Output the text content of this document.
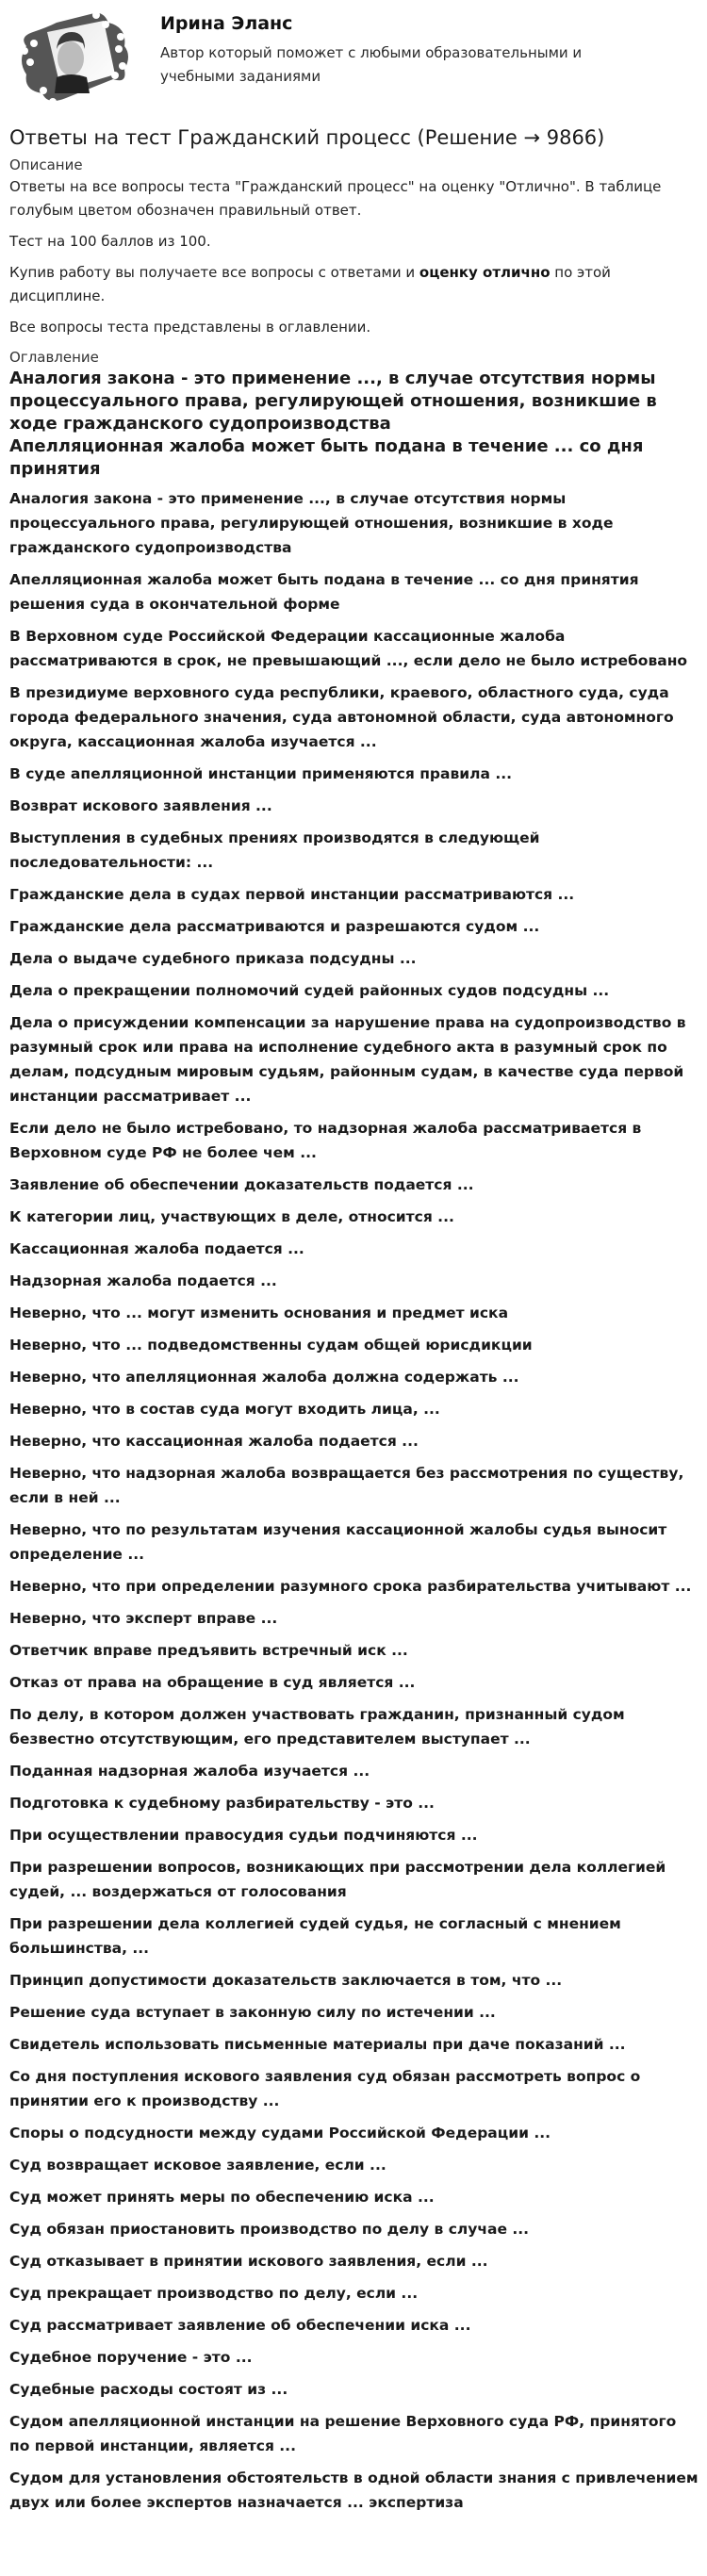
Ирина Эланс
Автор который поможет с любыми образовательными и учебными заданиями
Ответы на тест Гражданский процесс (Решение → 9866)

Описание

Ответы на все вопросы теста "Гражданский процесс" на оценку "Отлично". В таблице голубым цветом обозначен правильный ответ.

Тест на 100 баллов из 100.

Купив работу вы получаете все вопросы с ответами и оценку отлично по этой дисциплине.

Все вопросы теста представлены в оглавлении.

Оглавление

Аналогия закона - это применение ..., в случае отсутствия нормы процессуального права, регулирующей отношения, возникшие в ходе гражданского судопроизводства
Апелляционная жалоба может быть подана в течение ... со дня принятия
Аналогия закона - это применение ..., в случае отсутствия нормы процессуального права, регулирующей отношения, возникшие в ходе гражданского судопроизводства
Апелляционная жалоба может быть подана в течение ... со дня принятия решения суда в окончательной форме
В Верховном суде Российской Федерации кассационные жалоба рассматриваются в срок, не превышающий ..., если дело не было истребовано
В президиуме верховного суда республики, краевого, областного суда, суда города федерального значения, суда автономной области, суда автономного округа, кассационная жалоба изучается ...
В суде апелляционной инстанции применяются правила ...
Возврат искового заявления ...
Выступления в судебных прениях производятся в следующей последовательности: ...
Гражданские дела в судах первой инстанции рассматриваются ...
Гражданские дела рассматриваются и разрешаются судом ...
Дела о выдаче судебного приказа подсудны ...
Дела о прекращении полномочий судей районных судов подсудны ...
Дела о присуждении компенсации за нарушение права на судопроизводство в разумный срок или права на исполнение судебного акта в разумный срок по делам, подсудным мировым судьям, районным судам, в качестве суда первой инстанции рассматривает ...
Если дело не было истребовано, то надзорная жалоба рассматривается в Верховном суде РФ не более чем ...
Заявление об обеспечении доказательств подается ...
К категории лиц, участвующих в деле, относится ...
Кассационная жалоба подается ...
Надзорная жалоба подается ...
Неверно, что ... могут изменить основания и предмет иска
Неверно, что ... подведомственны судам общей юрисдикции
Неверно, что апелляционная жалоба должна содержать ...
Неверно, что в состав суда могут входить лица, ...
Неверно, что кассационная жалоба подается ...
Неверно, что надзорная жалоба возвращается без рассмотрения по существу, если в ней ...
Неверно, что по результатам изучения кассационной жалобы судья выносит определение ...
Неверно, что при определении разумного срока разбирательства учитывают ...
Неверно, что эксперт вправе ...
Ответчик вправе предъявить встречный иск ...
Отказ от права на обращение в суд является ...
По делу, в котором должен участвовать гражданин, признанный судом безвестно отсутствующим, его представителем выступает ...
Поданная надзорная жалоба изучается ...
Подготовка к судебному разбирательству - это ...
При осуществлении правосудия судьи подчиняются ...
При разрешении вопросов, возникающих при рассмотрении дела коллегией судей, ... воздержаться от голосования
При разрешении дела коллегией судей судья, не согласный с мнением большинства, ...
Принцип допустимости доказательств заключается в том, что ...
Решение суда вступает в законную силу по истечении ...
Свидетель использовать письменные материалы при даче показаний ...
Со дня поступления искового заявления суд обязан рассмотреть вопрос о принятии его к производству ...
Споры о подсудности между судами Российской Федерации ...
Суд возвращает исковое заявление, если ...
Суд может принять меры по обеспечению иска ...
Суд обязан приостановить производство по делу в случае ...
Суд отказывает в принятии искового заявления, если ...
Суд прекращает производство по делу, если ...
Суд рассматривает заявление об обеспечении иска ...
Судебное поручение - это ...
Судебные расходы состоят из ...
Судом апелляционной инстанции на решение Верховного суда РФ, принятого по первой инстанции, является ...
Судом для установления обстоятельств в одной области знания с привлечением двух или более экспертов назначается ... экспертиза
